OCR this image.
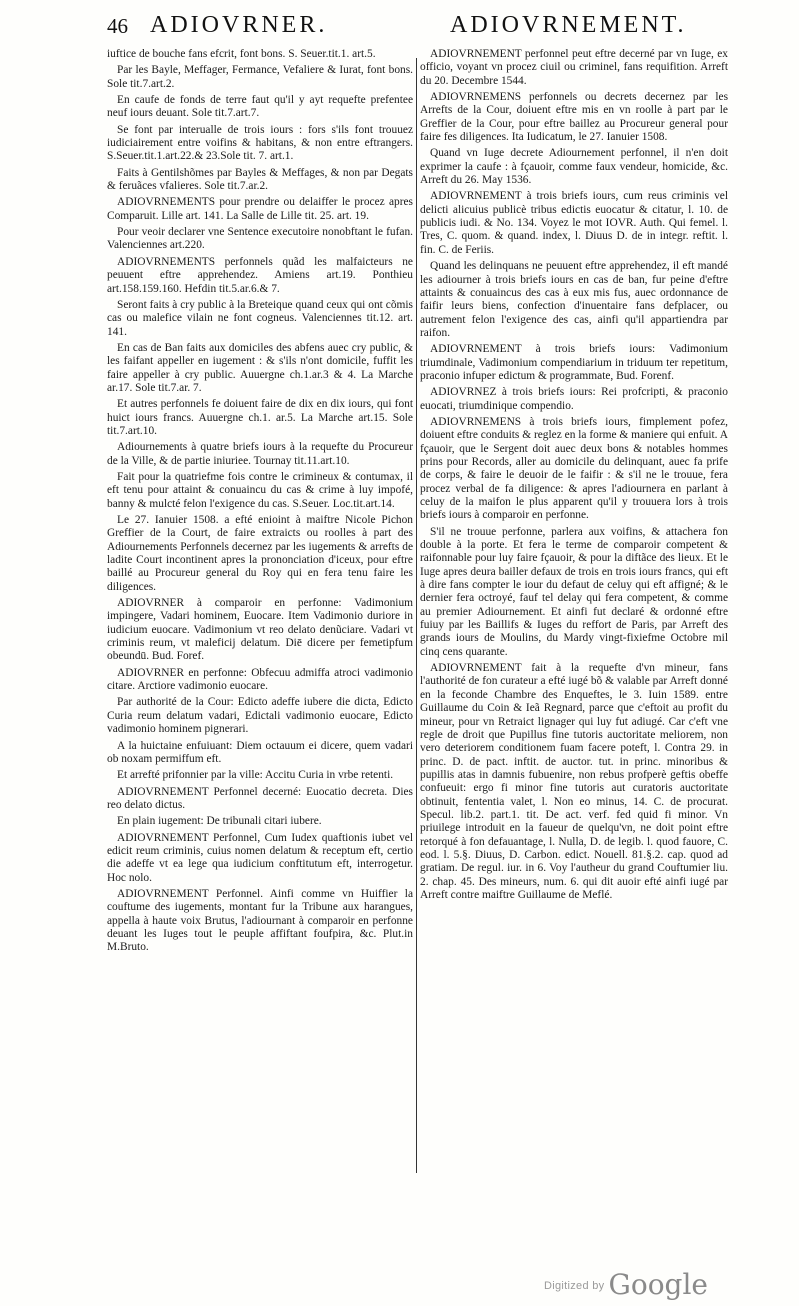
46 ADIOVRNER.	ADIOVRNEMENT.

iuftice de bouche fans efcrit, font bons. S. Seuer.tit.1. art.5.

Par les Bayle, Meffager, Fermance, Vefaliere & Iurat, font bons. Sole tit.7.art.2.

En caufe de fonds de terre faut qu'il y ayt requefte prefentee neuf iours deuant. Sole tit.7.art.7.

Se font par interualle de trois iours : fors s'ils font trouuez iudiciairement entre voifins & habitans, & non entre eftrangers. S.Seuer.tit.1.art.22.& 23.Sole tit. 7. art.1.

Faits à Gentilshõmes par Bayles & Meffages, & non par Degats & feruãces vfalieres. Sole tit.7.ar.2.

ADIOVRNEMENTS pour prendre ou delaiffer le procez apres Comparuit. Lille art. 141. La Salle de Lille tit. 25. art. 19.

Pour veoir declarer vne Sentence executoire nonobftant le fufan. Valenciennes art.220.

ADIOVRNEMENTS perfonnels quãd les malfaicteurs ne peuuent eftre apprehendez. Amiens art.19. Ponthieu art.158.159.160. Hefdin tit.5.ar.6.& 7.

Seront faits à cry public à la Breteique quand ceux qui ont cõmis cas ou malefice vilain ne font cogneus. Valenciennes tit.12. art. 141.

En cas de Ban faits aux domiciles des abfens auec cry public, & les faifant appeller en iugement : & s'ils n'ont domicile, fuffit les faire appeller à cry public. Auuergne ch.1.ar.3 & 4. La Marche ar.17. Sole tit.7.ar. 7.

Et autres perfonnels fe doiuent faire de dix en dix iours, qui font huict iours francs. Auuergne ch.1. ar.5. La Marche art.15. Sole tit.7.art.10.

Adiournements à quatre briefs iours à la requefte du Procureur de la Ville, & de partie iniuriee. Tournay tit.11.art.10.

Fait pour la quatriefme fois contre le crimineux & contumax, il eft tenu pour attaint & conuaincu du cas & crime à luy impofé, banny & mulcté felon l'exigence du cas. S.Seuer. Loc.tit.art.14.

Le 27. Ianuier 1508. a efté enioint à maiftre Nicole Pichon Greffier de la Court, de faire extraicts ou roolles à part des Adiournements Perfonnels decernez par les iugements & arrefts de ladite Court incontinent apres la prononciation d'iceux, pour eftre baillé au Procureur general du Roy qui en fera tenu faire les diligences.

ADIOVRNER à comparoir en perfonne: Vadimonium impingere, Vadari hominem, Euocare. Item Vadimonio duriore in iudicium euocare. Vadimonium vt reo delato denũciare. Vadari vt criminis reum, vt maleficij delatum. Diē dicere per femetipfum obeundū. Bud. Foref.

ADIOVRNER en perfonne: Obfecuu admiffa atroci vadimonio citare. Arctiore vadimonio euocare.

Par authorité de la Cour: Edicto adeffe iubere die dicta, Edicto Curia reum delatum vadari, Edictali vadimonio euocare, Edicto vadimonio hominem pignerari.

A la huictaine enfuiuant: Diem octauum ei dicere, quem vadari ob noxam permiffum eft.

Et arrefté prifonnier par la ville: Accitu Curia in vrbe retenti.

ADIOVRNEMENT Perfonnel decerné: Euocatio decreta. Dies reo delato dictus.

En plain iugement: De tribunali citari iubere.

ADIOVRNEMENT Perfonnel, Cum Iudex quaftionis iubet vel edicit reum criminis, cuius nomen delatum & receptum eft, certio die adeffe vt ea lege qua iudicium conftitutum eft, interrogetur. Hoc nolo.

ADIOVRNEMENT Perfonnel. Ainfi comme vn Huiffier la couftume des iugements, montant fur la Tribune aux harangues, appella à haute voix Brutus, l'adiournant à comparoir en perfonne deuant les Iuges tout le peuple affiftant foufpira, &c. Plut.in M.Bruto.

ADIOVRNEMENT perfonnel peut eftre decerné par vn Iuge, ex officio, voyant vn procez ciuil ou criminel, fans requifition. Arreft du 20. Decembre 1544.

ADIOVRNEMENS perfonnels ou decrets decernez par les Arrefts de la Cour, doiuent eftre mis en vn roolle à part par le Greffier de la Cour, pour eftre baillez au Procureur general pour faire fes diligences. Ita Iudicatum, le 27. Ianuier 1508.

Quand vn Iuge decrete Adiournement perfonnel, il n'en doit exprimer la caufe : à fçauoir, comme faux vendeur, homicide, &c. Arreft du 26. May 1536.

ADIOVRNEMENT à trois briefs iours, cum reus criminis vel delicti alicuius publicè tribus edictis euocatur & citatur, l. 10. de publicis iudi. & No. 134. Voyez le mot IOVR. Auth. Qui femel. l. Tres, C. quom. & quand. index, l. Diuus D. de in integr. reftit. l. fin. C. de Feriis.

Quand les delinquans ne peuuent eftre apprehendez, il eft mandé les adiourner à trois briefs iours en cas de ban, fur peine d'eftre attaints & conuaincus des cas à eux mis fus, auec ordonnance de faifir leurs biens, confection d'inuentaire fans defplacer, ou autrement felon l'exigence des cas, ainfi qu'il appartiendra par raifon.

ADIOVRNEMENT à trois briefs iours: Vadimonium triumdinale, Vadimonium compendiarium in triduum ter repetitum, praconio infuper edictum & programmate, Bud. Forenf.

ADIOVRNEZ à trois briefs iours: Rei profcripti, & praconio euocati, triumdinique compendio.

ADIOVRNEMENS à trois briefs iours, fimplement pofez, doiuent eftre conduits & reglez en la forme & maniere qui enfuit. A fçauoir, que le Sergent doit auec deux bons & notables hommes prins pour Records, aller au domicile du delinquant, auec fa prife de corps, & faire le deuoir de le faifir : & s'il ne le trouue, fera procez verbal de fa diligence: & apres l'adiournera en parlant à celuy de la maifon le plus apparent qu'il y trouuera lors à trois briefs iours à comparoir en perfonne.

S'il ne trouue perfonne, parlera aux voifins, & attachera fon double à la porte. Et fera le terme de comparoir competent & raifonnable pour luy faire fçauoir, & pour la diftãce des lieux. Et le Iuge apres deura bailler defaux de trois en trois iours francs, qui eft à dire fans compter le iour du defaut de celuy qui eft affigné; & le dernier fera octroyé, fauf tel delay qui fera competent, & comme au premier Adiournement. Et ainfi fut declaré & ordonné eftre fuiuy par les Baillifs & Iuges du reffort de Paris, par Arreft des grands iours de Moulins, du Mardy vingt-fixiefme Octobre mil cinq cens quarante.

ADIOVRNEMENT fait à la requefte d'vn mineur, fans l'authorité de fon curateur a efté iugé bõ & valable par Arreft donné en la feconde Chambre des Enqueftes, le 3. Iuin 1589. entre Guillaume du Coin & Ieã Regnard, parce que c'eftoit au profit du mineur, pour vn Retraict lignager qui luy fut adiugé. Car c'eft vne regle de droit que Pupillus fine tutoris auctoritate meliorem, non vero deteriorem conditionem fuam facere poteft, l. Contra 29. in princ. D. de pact. inftit. de auctor. tut. in princ. minoribus & pupillis atas in damnis fubuenire, non rebus profperè geftis obeffe confueuit: ergo fi minor fine tutoris aut curatoris auctoritate obtinuit, fententia valet, l. Non eo minus, 14. C. de procurat. Specul. lib.2. part.1. tit. De act. verf. fed quid fi minor. Vn priuilege introduit en la faueur de quelqu'vn, ne doit point eftre retorqué à fon defauantage, l. Nulla, D. de legib. l. quod fauore, C. eod. l. 5.§. Diuus, D. Carbon. edict. Nouell. 81.§.2. cap. quod ad gratiam. De regul. iur. in 6. Voy l'autheur du grand Couftumier liu. 2. chap. 45. Des mineurs, num. 6. qui dit auoir efté ainfi iugé par Arreft contre maiftre Guillaume de Meflé.

Digitized by Google
